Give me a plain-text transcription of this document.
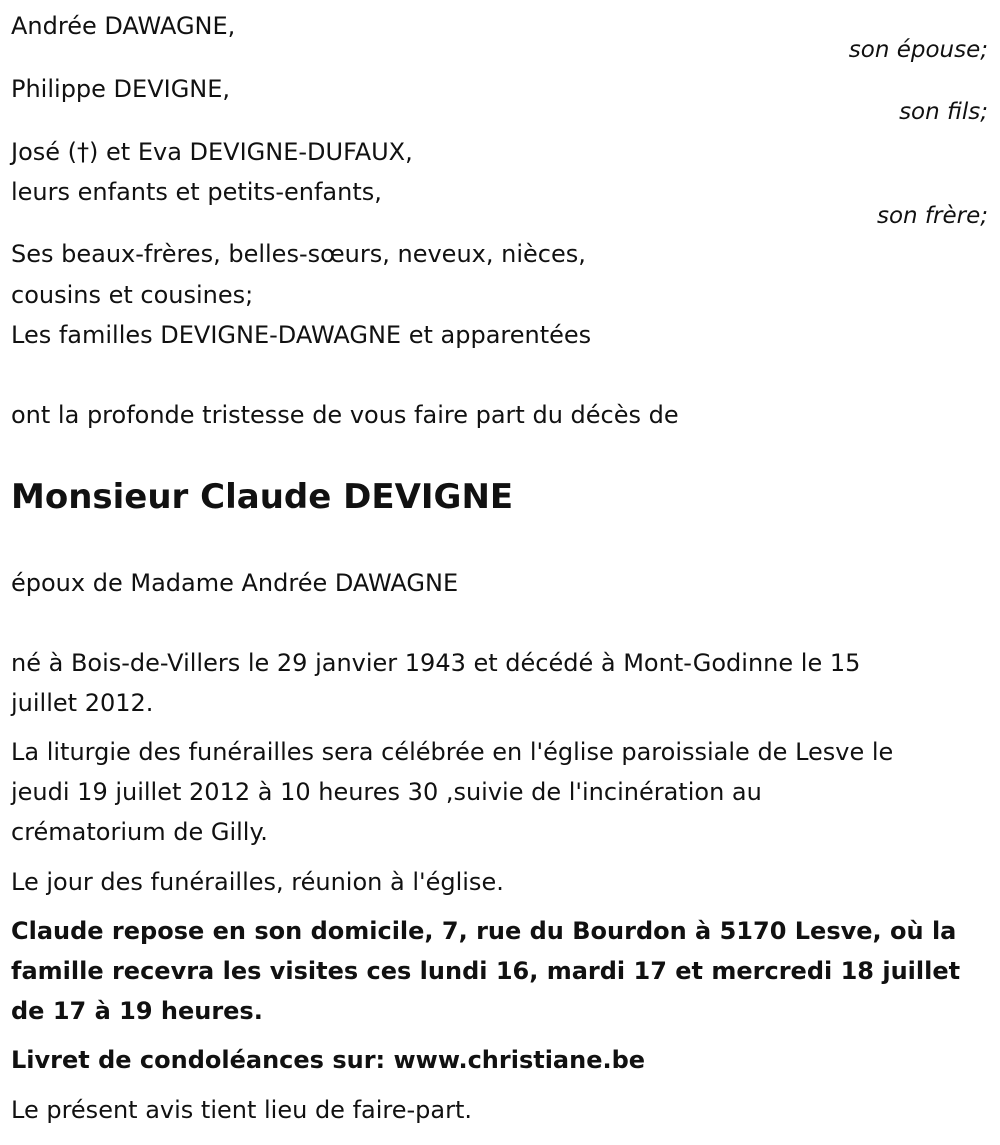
Andrée DAWAGNE,
son épouse;
Philippe DEVIGNE,
son fils;
José (†) et Eva DEVIGNE-DUFAUX,
leurs enfants et petits-enfants,
son frère;
Ses beaux-frères, belles-sœurs, neveux, nièces,
cousins et cousines;
Les familles DEVIGNE-DAWAGNE et apparentées
ont la profonde tristesse de vous faire part du décès de
Monsieur Claude DEVIGNE
époux de Madame Andrée DAWAGNE
né à Bois-de-Villers le 29 janvier 1943 et décédé à Mont-Godinne le 15
juillet 2012.
La liturgie des funérailles sera célébrée en l'église paroissiale de Lesve le
jeudi 19 juillet 2012 à 10 heures 30 ,suivie de l'incinération au
crématorium de Gilly.
Le jour des funérailles, réunion à l'église.
Claude repose en son domicile, 7, rue du Bourdon à 5170 Lesve, où la
famille recevra les visites ces lundi 16, mardi 17 et mercredi 18 juillet
de 17 à 19 heures.
Livret de condoléances sur: www.christiane.be
Le présent avis tient lieu de faire-part.
